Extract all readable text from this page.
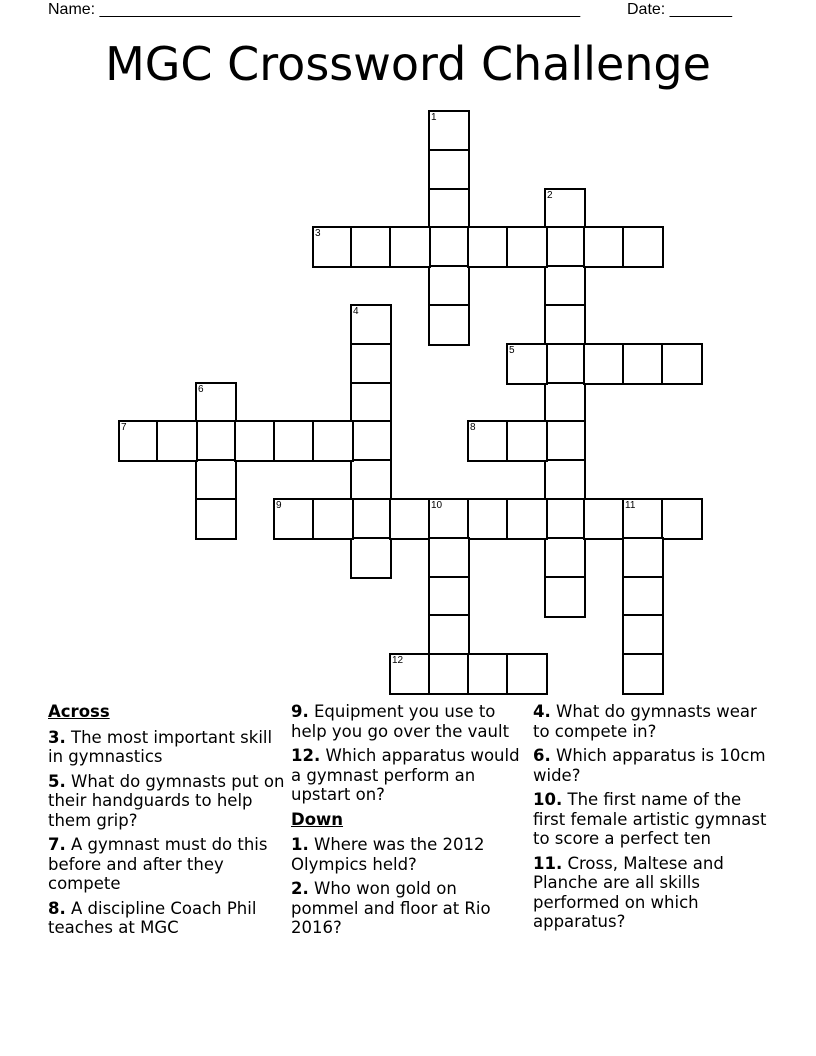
Name: ______________________________________________________	Date: _______
MGC Crossword Challenge
1
2
3
4
5
6
7	8
9	10	11
12
Across
3. The most important skill in gymnastics
5. What do gymnasts put on their handguards to help them grip?
7. A gymnast must do this before and after they compete
8. A discipline Coach Phil teaches at MGC
9. Equipment you use to help you go over the vault
12. Which apparatus would a gymnast perform an upstart on?
Down
1. Where was the 2012 Olympics held?
2. Who won gold on pommel and floor at Rio 2016?
4. What do gymnasts wear to compete in?
6. Which apparatus is 10cm wide?
10. The first name of the first female artistic gymnast to score a perfect ten
11. Cross, Maltese and Planche are all skills performed on which apparatus?
